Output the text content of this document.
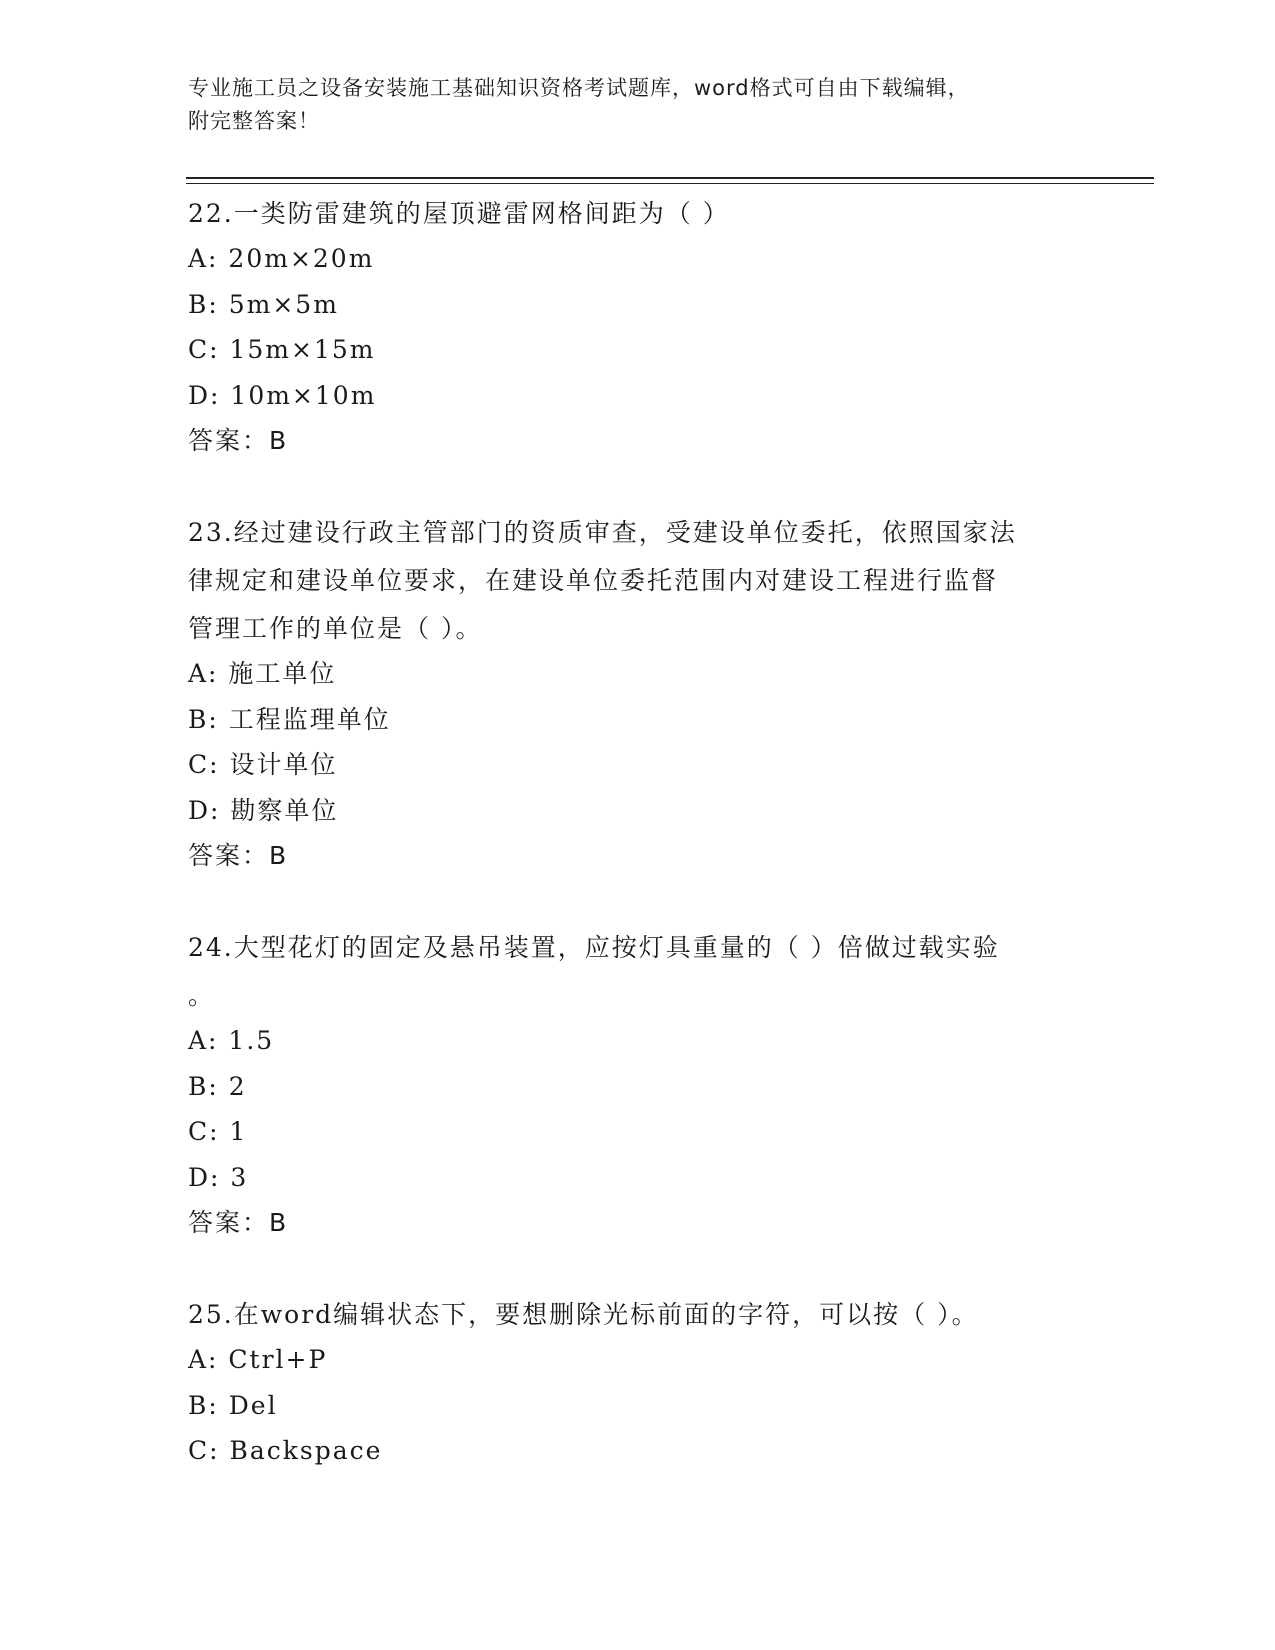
专业施工员之设备安装施工基础知识资格考试题库，word格式可自由下载编辑，
附完整答案！
22.一类防雷建筑的屋顶避雷网格间距为（ ）
A: 20m×20m
B: 5m×5m
C: 15m×15m
D: 10m×10m
答案：B
23.经过建设行政主管部门的资质审查，受建设单位委托，依照国家法
律规定和建设单位要求，在建设单位委托范围内对建设工程进行监督
管理工作的单位是（ ）。
A: 施工单位
B: 工程监理单位
C: 设计单位
D: 勘察单位
答案：B
24.大型花灯的固定及悬吊装置，应按灯具重量的（ ）倍做过载实验
。
A: 1.5
B: 2
C: 1
D: 3
答案：B
25.在word编辑状态下，要想删除光标前面的字符，可以按（ ）。
A: Ctrl+P
B: Del
C: Backspace
